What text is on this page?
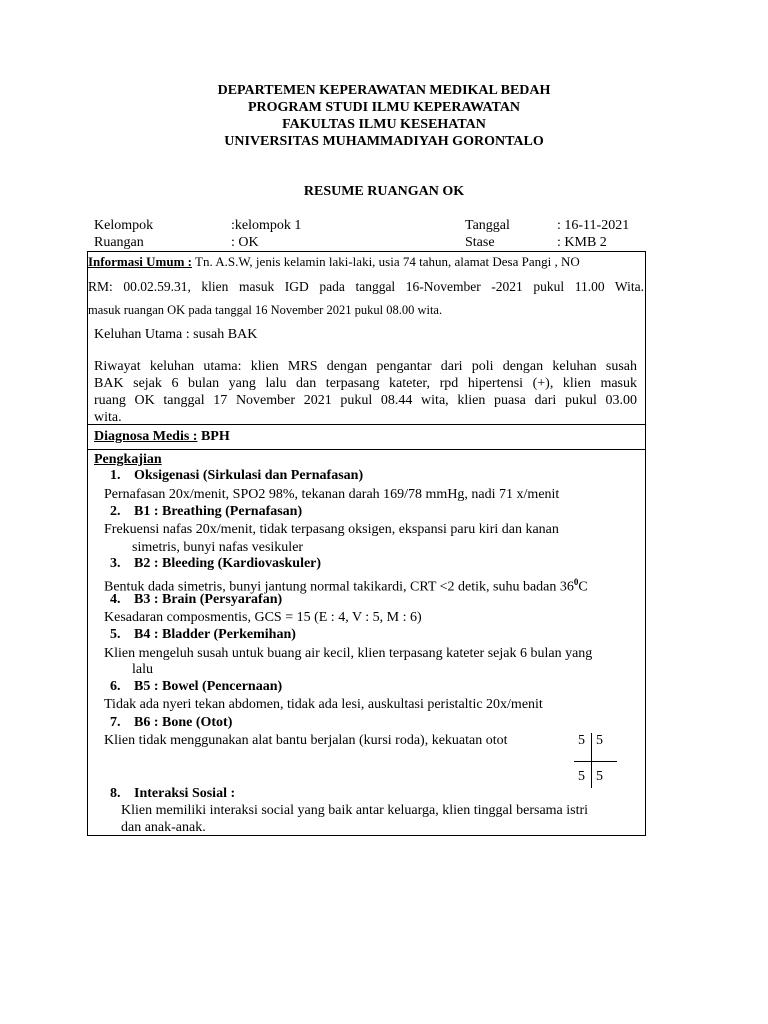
DEPARTEMEN KEPERAWATAN MEDIKAL BEDAH
PROGRAM STUDI ILMU KEPERAWATAN
FAKULTAS ILMU KESEHATAN
UNIVERSITAS MUHAMMADIYAH GORONTALO
RESUME RUANGAN OK
Kelompok	:kelompok 1	Tanggal	: 16-11-2021
Ruangan	: OK	Stase	: KMB 2
Informasi Umum : Tn. A.S.W, jenis kelamin laki-laki, usia 74 tahun, alamat Desa Pangi , NO
RM: 00.02.59.31, klien masuk IGD pada tanggal 16-November -2021 pukul 11.00 Wita.
masuk ruangan OK pada tanggal 16 November 2021 pukul 08.00 wita.
Keluhan Utama : susah BAK
Riwayat keluhan utama: klien MRS dengan pengantar dari poli dengan keluhan susah
BAK sejak 6 bulan yang lalu dan terpasang kateter, rpd hipertensi (+), klien masuk
ruang OK tanggal 17 November 2021 pukul 08.44 wita, klien puasa dari pukul 03.00
wita.
Diagnosa Medis : BPH
Pengkajian
1. Oksigenasi (Sirkulasi dan Pernafasan)
Pernafasan 20x/menit, SPO2 98%, tekanan darah 169/78 mmHg, nadi 71 x/menit
2. B1 : Breathing (Pernafasan)
Frekuensi nafas 20x/menit, tidak terpasang oksigen, ekspansi paru kiri dan kanan
simetris, bunyi nafas vesikuler
3. B2 : Bleeding (Kardiovaskuler)
Bentuk dada simetris, bunyi jantung normal takikardi, CRT <2 detik, suhu badan $36^0C$
4. B3 : Brain (Persyarafan)
Kesadaran composmentis, GCS = 15 (E : 4, V : 5, M : 6)
5. B4 : Bladder (Perkemihan)
Klien mengeluh susah untuk buang air kecil, klien terpasang kateter sejak 6 bulan yang
lalu
6. B5 : Bowel (Pencernaan)
Tidak ada nyeri tekan abdomen, tidak ada lesi, auskultasi peristaltic 20x/menit
7. B6 : Bone (Otot)
Klien tidak menggunakan alat bantu berjalan (kursi roda), kekuatan otot	5 5
5 5
8. Interaksi Sosial :
Klien memiliki interaksi social yang baik antar keluarga, klien tinggal bersama istri
dan anak-anak.
